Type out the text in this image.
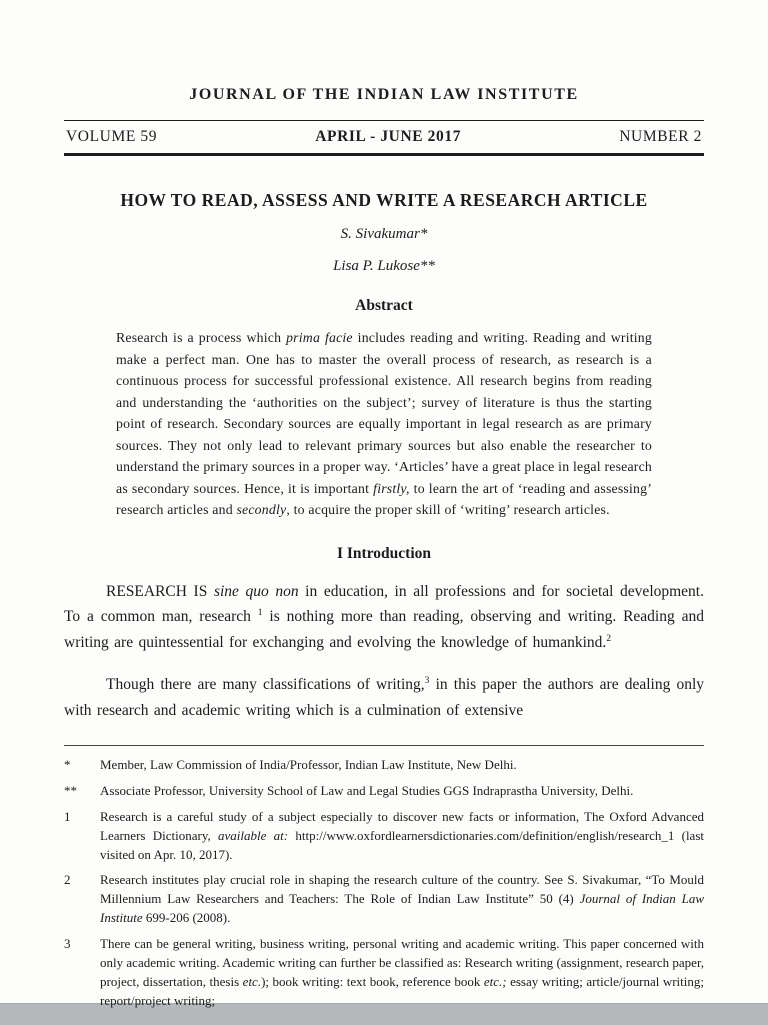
JOURNAL OF THE INDIAN LAW INSTITUTE
VOLUME 59	APRIL - JUNE 2017	NUMBER 2
HOW TO READ, ASSESS AND WRITE A RESEARCH ARTICLE
S. Sivakumar*
Lisa P. Lukose**
Abstract
Research is a process which prima facie includes reading and writing. Reading and writing make a perfect man. One has to master the overall process of research, as research is a continuous process for successful professional existence. All research begins from reading and understanding the ‘authorities on the subject’; survey of literature is thus the starting point of research. Secondary sources are equally important in legal research as are primary sources. They not only lead to relevant primary sources but also enable the researcher to understand the primary sources in a proper way. ‘Articles’ have a great place in legal research as secondary sources. Hence, it is important firstly, to learn the art of ‘reading and assessing’ research articles and secondly, to acquire the proper skill of ‘writing’ research articles.
I Introduction
RESEARCH IS sine quo non in education, in all professions and for societal development. To a common man, research $^1$ is nothing more than reading, observing and writing. Reading and writing are quintessential for exchanging and evolving the knowledge of humankind.$^2$
Though there are many classifications of writing,$^3$ in this paper the authors are dealing only with research and academic writing which is a culmination of extensive
*	Member, Law Commission of India/Professor, Indian Law Institute, New Delhi.
**	Associate Professor, University School of Law and Legal Studies GGS Indraprastha University, Delhi.
1	Research is a careful study of a subject especially to discover new facts or information, The Oxford Advanced Learners Dictionary, available at: http://www.oxfordlearnersdictionaries.com/definition/english/research_1 (last visited on Apr. 10, 2017).
2	Research institutes play crucial role in shaping the research culture of the country. See S. Sivakumar, “To Mould Millennium Law Researchers and Teachers: The Role of Indian Law Institute” 50 (4) Journal of Indian Law Institute 699-206 (2008).
3	There can be general writing, business writing, personal writing and academic writing. This paper concerned with only academic writing. Academic writing can further be classified as: Research writing (assignment, research paper, project, dissertation, thesis etc.); book writing: text book, reference book etc.; essay writing; article/journal writing; report/project writing;
